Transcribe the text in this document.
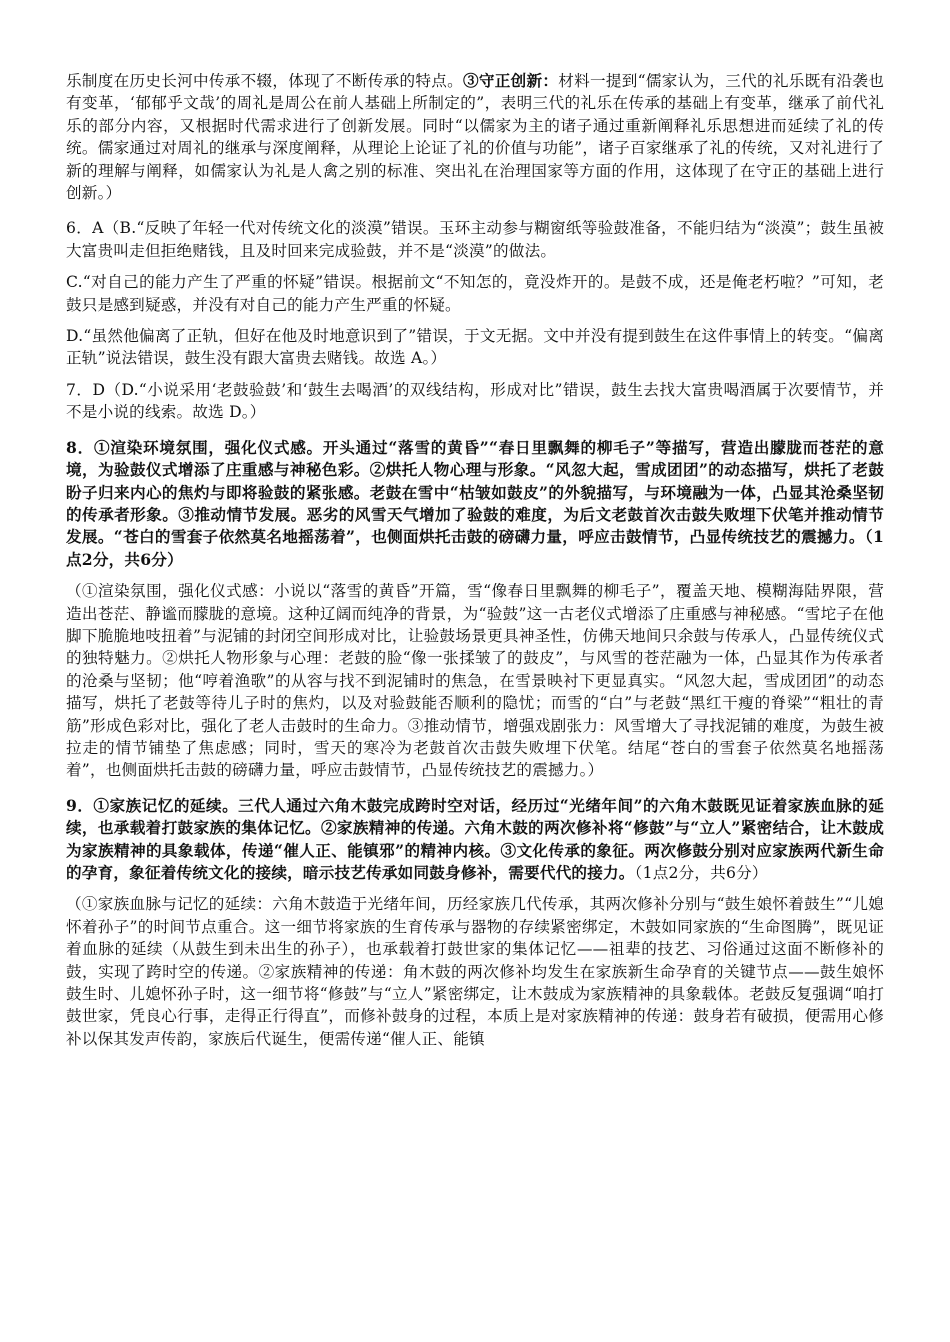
乐制度在历史长河中传承不辍，体现了不断传承的特点。③守正创新：材料一提到“儒家认为，三代的礼乐既有沿袭也有变革，‘郁郁乎文哉’的周礼是周公在前人基础上所制定的”，表明三代的礼乐在传承的基础上有变革，继承了前代礼乐的部分内容，又根据时代需求进行了创新发展。同时“以儒家为主的诸子通过重新阐释礼乐思想进而延续了礼的传统。儒家通过对周礼的继承与深度阐释，从理论上论证了礼的价值与功能”，诸子百家继承了礼的传统，又对礼进行了新的理解与阐释，如儒家认为礼是人禽之别的标准、突出礼在治理国家等方面的作用，这体现了在守正的基础上进行创新。）

6．A（B.“反映了年轻一代对传统文化的淡漠”错误。玉环主动参与糊窗纸等验鼓准备，不能归结为“淡漠”；鼓生虽被大富贵叫走但拒绝赌钱，且及时回来完成验鼓，并不是“淡漠”的做法。

C.“对自己的能力产生了严重的怀疑”错误。根据前文“不知怎的，竟没炸开的。是鼓不成，还是俺老朽啦？”可知，老鼓只是感到疑惑，并没有对自己的能力产生严重的怀疑。

D.“虽然他偏离了正轨，但好在他及时地意识到了”错误，于文无据。文中并没有提到鼓生在这件事情上的转变。“偏离正轨”说法错误，鼓生没有跟大富贵去赌钱。故选 A。）

7．D（D.“小说采用‘老鼓验鼓’和‘鼓生去喝酒’的双线结构，形成对比”错误，鼓生去找大富贵喝酒属于次要情节，并不是小说的线索。故选 D。）

8．①渲染环境氛围，强化仪式感。开头通过“落雪的黄昏”“春日里飘舞的柳毛子”等描写，营造出朦胧而苍茫的意境，为验鼓仪式增添了庄重感与神秘色彩。②烘托人物心理与形象。“风忽大起，雪成团团”的动态描写，烘托了老鼓盼子归来内心的焦灼与即将验鼓的紧张感。老鼓在雪中“枯皱如鼓皮”的外貌描写，与环境融为一体，凸显其沧桑坚韧的传承者形象。③推动情节发展。恶劣的风雪天气增加了验鼓的难度，为后文老鼓首次击鼓失败埋下伏笔并推动情节发展。“苍白的雪套子依然莫名地摇荡着”，也侧面烘托击鼓的磅礴力量，呼应击鼓情节，凸显传统技艺的震撼力。（1点2分，共6分）

（①渲染氛围，强化仪式感：小说以“落雪的黄昏”开篇，雪“像春日里飘舞的柳毛子”，覆盖天地、模糊海陆界限，营造出苍茫、静谧而朦胧的意境。这种辽阔而纯净的背景，为“验鼓”这一古老仪式增添了庄重感与神秘感。“雪坨子在他脚下脆脆地吱扭着”与泥铺的封闭空间形成对比，让验鼓场景更具神圣性，仿佛天地间只余鼓与传承人，凸显传统仪式的独特魅力。②烘托人物形象与心理：老鼓的脸“像一张揉皱了的鼓皮”，与风雪的苍茫融为一体，凸显其作为传承者的沧桑与坚韧；他“哼着渔歌”的从容与找不到泥铺时的焦急，在雪景映衬下更显真实。“风忽大起，雪成团团”的动态描写，烘托了老鼓等待儿子时的焦灼，以及对验鼓能否顺利的隐忧；而雪的“白”与老鼓“黑红干瘦的脊梁”“粗壮的青筋”形成色彩对比，强化了老人击鼓时的生命力。③推动情节，增强戏剧张力：风雪增大了寻找泥铺的难度，为鼓生被拉走的情节铺垫了焦虑感；同时，雪天的寒冷为老鼓首次击鼓失败埋下伏笔。结尾“苍白的雪套子依然莫名地摇荡着”，也侧面烘托击鼓的磅礴力量，呼应击鼓情节，凸显传统技艺的震撼力。）

9．①家族记忆的延续。三代人通过六角木鼓完成跨时空对话，经历过“光绪年间”的六角木鼓既见证着家族血脉的延续，也承载着打鼓家族的集体记忆。②家族精神的传递。六角木鼓的两次修补将“修鼓”与“立人”紧密结合，让木鼓成为家族精神的具象载体，传递“催人正、能镇邪”的精神内核。③文化传承的象征。两次修鼓分别对应家族两代新生命的孕育，象征着传统文化的接续，暗示技艺传承如同鼓身修补，需要代代的接力。（1点2分，共6分）

（①家族血脉与记忆的延续：六角木鼓造于光绪年间，历经家族几代传承，其两次修补分别与“鼓生娘怀着鼓生”“儿媳怀着孙子”的时间节点重合。这一细节将家族的生育传承与器物的存续紧密绑定，木鼓如同家族的“生命图腾”，既见证着血脉的延续（从鼓生到未出生的孙子），也承载着打鼓世家的集体记忆——祖辈的技艺、习俗通过这面不断修补的鼓，实现了跨时空的传递。②家族精神的传递：角木鼓的两次修补均发生在家族新生命孕育的关键节点——鼓生娘怀鼓生时、儿媳怀孙子时，这一细节将“修鼓”与“立人”紧密绑定，让木鼓成为家族精神的具象载体。老鼓反复强调“咱打鼓世家，凭良心行事，走得正行得直”，而修补鼓身的过程，本质上是对家族精神的传递：鼓身若有破损，便需用心修补以保其发声传韵，家族后代诞生，便需传递“催人正、能镇
